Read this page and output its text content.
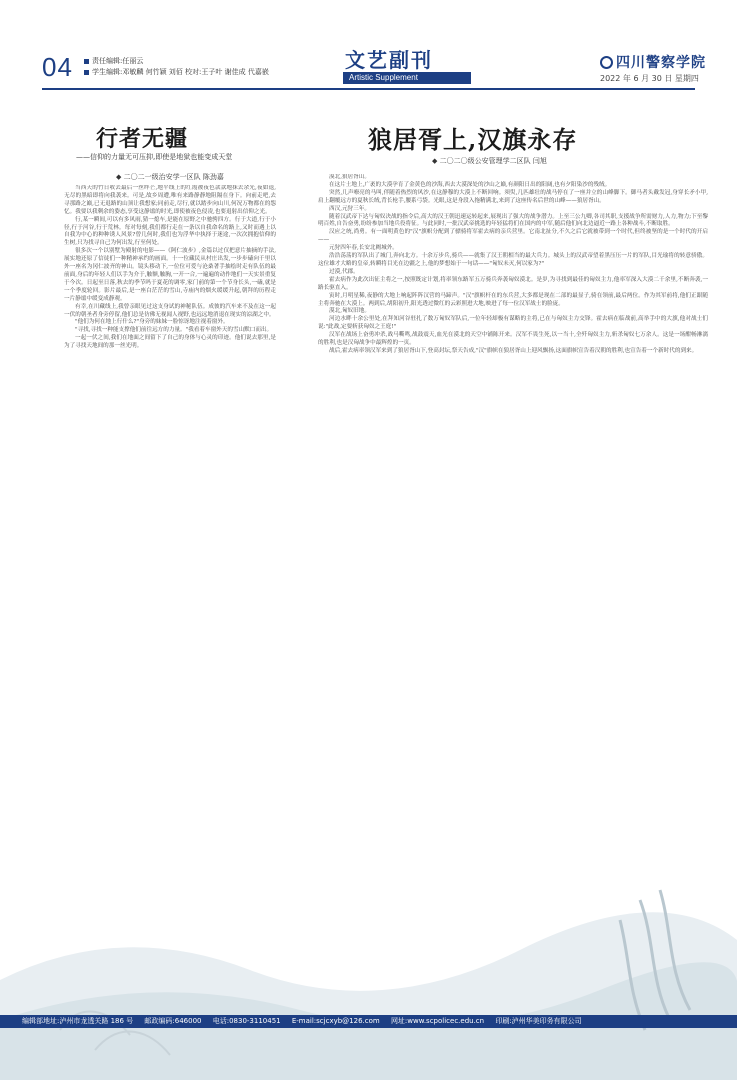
04	责任编辑:任丽云
学生编辑:邓敏麟 何竹颖 刘佰 校对:王子叶 谢佳成 代嘉嵌	文艺副刊
Artistic Supplement
四川警察学院
2022 年 6 月 30 日 星期四
行者无疆
——信仰的力量无可压抑,即使是地狱也能变成天堂
◆ 二〇二一级治安学一区队 陈劲嘉

当西天的竹日收去最后一丝绊芒,地平线上的红霞被夜色款款地抹去余光,夜如退,无尽的黑暗即将向我袭来。可是,故乡周遭,唯有来路静静地阻隔在身下。向前走吧,去寻那路之巅,已无退路的山顶让我想家;同前走,尽行,就以踏步向山川,何况万物都在的怨忆。我要以我剩余的姿态,享受这静谧的时光,即使被夜色侵凌,也要退射出信仰之光。

行,某一瞬间,可以有多风雨,猜一熄车,是能在原野之中驰骋四方。行于大道,行于小径,行于河谷,行于荒林。每对每刻,我们都行走在一条以自我命名的路上,又时而遇上以自我为中心的种种诱人风景?曾几何时,我们也为浮华中执择于迷途,一次次拥抱信仰的生树,只为找寻自己为何出发,行至何处。

很多次一个以别墅为殿射的电影——《阿仁波步》,金篇以过仅把意片抽摘的手法,展实地还原了信徒们一种精神承约的画面。十一位藏民从村庄出发,一步步磕向千里以外一座名为冈仁波齐的神山。镜头移动下,一位位可爱与沧桑著手抽绘时走有队伍的最前面,身后的年轻人们以手为介于,触额,触胸,一开一合,一遍遍的动作地们一天实景重复于今次。日起至日落,秋去的季节吗于夏花的调零,家门前的第一个节身长头,一磕,就是一个季度轮回。影片最后,是一座白茫茫的雪山,寺庙内的烟火缓缓升起,朝拜的历程走一片静谧中缓变成静观。

有幸,在川藏线上,我曾亲眼见过这支身试的神秘队伍。成彼的汽车来不及在这一起一伏的朝圣者身旁停留,他们总是彷佛无视闻人视野,也远远地消退在现实的凉湖之中。

"他们为何在地上行什么?"身旁的妹妹一脸惊讶地注视着窗外。

"寻找,寻找一种能支撑他们前往远方的力量。"我看着车窗外天的雪山默口而出。

一起一伏之间,我们在地面之间留下了自己的身体与心灵的印迹。他们说去那里,是为了寻找天地间的那一丝光明。

狼居胥上,汉旗永存
◆ 二〇二〇级公安管理学二区队 闫旭

漠北,狼居胥山。

在这片土地上,广袤的大漠孕育了金黄色的沙海,西去大漠深处的沙山之巅,有颜阳日出的阳阔,也有夕阳染沙的残绒。

突然,几声嘹亮的马叫,伴随着热烈的风沙,在这静穆的大漠上不断回响。须臾,几匹雄壮的战马停在了一座并立的山峰脚下。御马者头戴发冠,身穿长矛小甲,肩上翻覆远方的夏秋长绒,背长枪手,腰系弓袋。光眼,这是身段入拖精满北,来到了这座传名后世的山峰——狼居胥山。

西汉,元狩三年。

随着汉武帝下达与匈奴决战的指令后,高大的汉王朝迅速运转起来,展现出了强大的战争潜力。上至三公九卿,各司其职,支援战争所需财力,人力,物力;下至黎明百姓,自告奋勇,纷纷参加当地兵役将征。与此同时,一批汉武帝挑选的年轻猛将们在国内的中军,随后他们向北边逼近一路上各种战斗,不断取胜。

汉应之统,尚勇。有一面明黄色的"汉"旗帜分配到了骠骑将军霍去病的亲兵营里。它南北扯分,不久之后它就被带到一个时代,但终被坚的是一个时代的开启——

元狩四年春,长安北阙城外。

浩浩荡荡的军队出了城门,奔向北方。十余万步兵,骑兵——就集了汉王朝相当的最大兵力。城头上的汉武帝望着黑压压一片的军队,目光瑜将的转意骄傲。这位雄才大略的皇帝,转瞬将目光在边疆之上,他的梦想始于一句话——"匈奴未灭,何以家为?"

过漠,代郡。

霍去病作为此次出征主将之一,按照既定计划,将率领东路军五万骑兵奔袭匈奴漠北。是岁,为寻找到最佳的匈奴主力,他率军深入大漠二千余里,不断奔袭,一路长驱直入。

寅时,月明星稀,夜静的大地上响起阵阵汉营的马蹄声。"汉"旗帜杆在的东兵营,大多都是现在二部的最显子,骑在领前,最后两位。作为其军前将,他们正跟随主将奔驰在大漠上。两到后,胡阳初升,阳光透过微红的云彩照进大地,映进了每一位汉军战士的脸庞。

漠北,匈奴旧地。

河边水畔十余公里处,在拜知河谷驻扎了数万匈奴军队后,一位年轻却极有谋略的主将,已在与匈奴主力交锋。霍去病在临战前,高举手中的大旗,他对战士们说:"此战,定要斩获匈奴之王庭!"

汉军在战场上奋勇冲杀,战马嘶鸣,战鼓震天,血光在漠北的天空中铺陈开来。汉军不畏生死,以一当十,全歼匈奴主力,斩杀匈奴七万余人。这是一场酣畅淋漓的胜利,也是汉匈战争中最辉煌的一页。

战后,霍去病率领汉军来到了狼居胥山下,登高封坛,祭天告成,"汉"旗帜在狼居胥山上迎风飘扬,这面旗帜宣告着汉朝的胜利,也宣告着一个新时代的到来。

编辑部地址:泸州市龙透关路 186 号 邮政编码:646000 电话:0830-3110451 E-mail:scjcxyb@126.com 网址:www.scpolicec.edu.cn 印刷:泸州华美印务有限公司
